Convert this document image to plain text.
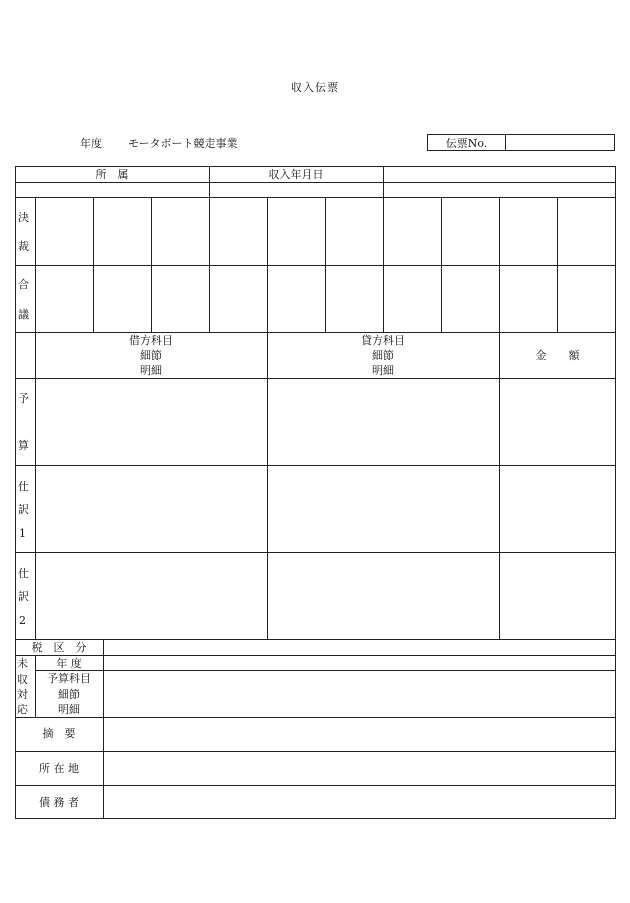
収入伝票
年度 モータボート競走事業	伝票No.
所　属	収入年月日
決
裁
合
議
借方科目
細節
明細
貸方科目
細節
明細
金　　額
予
算
仕
訳
1
仕
訳
2
税　区　分
未
収
対
応
年 度
予算科目
細節
明細
摘　要
所 在 地
債 務 者
